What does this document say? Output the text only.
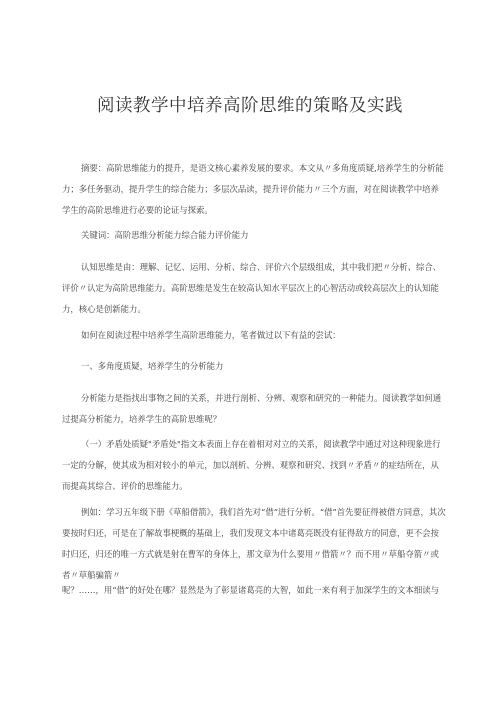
阅读教学中培养高阶思维的策略及实践

摘要：高阶思维能力的提升，是语文核心素养发展的要求。本文从〃多角度质疑,培养学生的分析能力；多任务驱动，提升学生的综合能力；多层次品读，提升评价能力〃三个方面，对在阅读教学中培养学生的高阶思维进行必要的论证与探索。

关键词：高阶思维分析能力综合能力评价能力

认知思维是由：理解、记忆、运用、分析、综合、评价六个层级组成，其中我们把〃分析、综合、评价〃认定为高阶思维能力。高阶思维是发生在较高认知水平层次上的心智活动或较高层次上的认知能力，核心是创新能力。

如何在阅读过程中培养学生高阶思维能力，笔者做过以下有益的尝试：

一、多角度质疑，培养学生的分析能力

分析能力是指找出事物之间的关系，并进行剖析、分辨、观察和研究的一种能力。阅读教学如何通过提高分析能力，培养学生的高阶思维呢？

（一）矛盾处质疑"矛盾处"指文本表面上存在着相对对立的关系，阅读教学中通过对这种现象进行一定的分解，使其成为相对较小的单元，加以剖析、分辨、观察和研究、找到〃矛盾〃的症结所在，从而提高其综合、评价的思维能力。

例如：学习五年级下册《草船借箭》，我们首先对“借”进行分析。“借”首先要征得被借方同意，其次要按时归还，可是在了解故事梗概的基础上，我们发现文本中诸葛亮既没有征得敌方的同意，更不会按时归还，归还的唯一方式就是射在曹军的身体上，那文章为什么要用〃借箭〃？而不用〃草船夺箭〃或者〃草船骗箭〃

呢？……，用“借”的好处在哪？显然是为了彰显诸葛亮的大智，如此一来有利于加深学生的文本细读与
